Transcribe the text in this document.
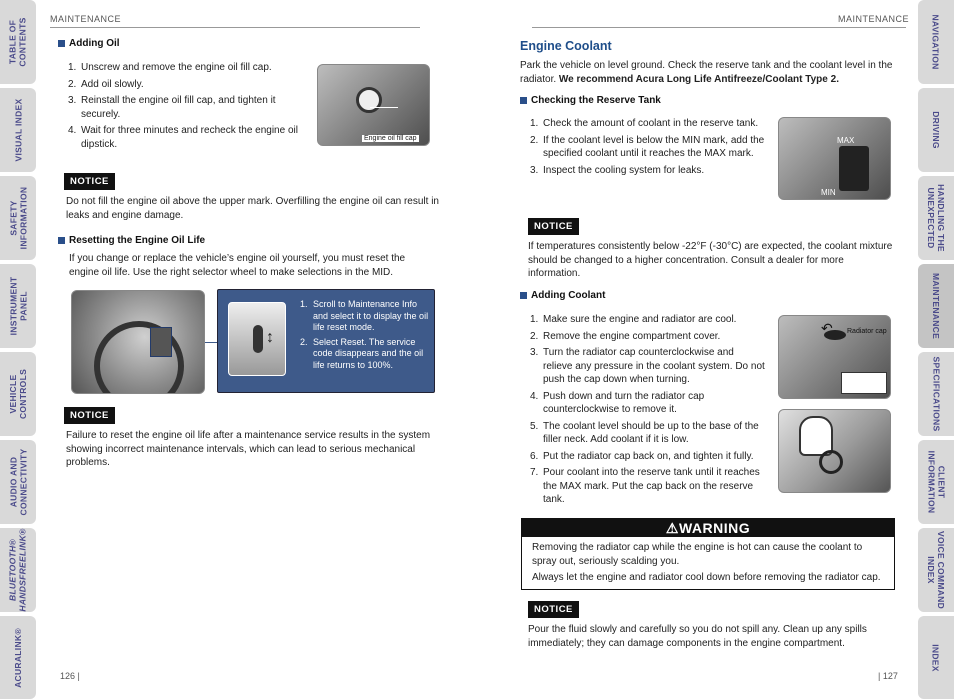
TABLE OF
CONTENTS
VISUAL INDEX
SAFETY
INFORMATION
INSTRUMENT
PANEL
VEHICLE
CONTROLS
AUDIO AND
CONNECTIVITY
BLUETOOTH®
HANDSFREELINK®
ACURALINK®
NAVIGATION
DRIVING
HANDLING THE
UNEXPECTED
MAINTENANCE
SPECIFICATIONS
CLIENT
INFORMATION
VOICE COMMAND
INDEX
INDEX
MAINTENANCE
Adding Oil
1. Unscrew and remove the engine oil fill cap.
2. Add oil slowly.
3. Reinstall the engine oil fill cap, and tighten it securely.
4. Wait for three minutes and recheck the engine oil dipstick.	Engine oil fill cap
NOTICE
Do not fill the engine oil above the upper mark. Overfilling the engine oil can result in leaks and engine damage.
Resetting the Engine Oil Life
If you change or replace the vehicle’s engine oil yourself, you must reset the engine oil life. Use the right selector wheel to make selections in the MID.
↕
1. Scroll to Maintenance Info and select it to display the oil life reset mode.
2. Select Reset. The service code disappears and the oil life returns to 100%.
NOTICE
Failure to reset the engine oil life after a maintenance service results in the system showing incorrect maintenance intervals, which can lead to serious mechanical problems.
126 |
MAINTENANCE
Engine Coolant
Park the vehicle on level ground. Check the reserve tank and the coolant level in the radiator. We recommend Acura Long Life Antifreeze/Coolant Type 2.
Checking the Reserve Tank
1. Check the amount of coolant in the reserve tank.
2. If the coolant level is below the MIN mark, add the specified coolant until it reaches the MAX mark.
3. Inspect the cooling system for leaks.
MAX
MIN
NOTICE
If temperatures consistently below -22°F (-30°C) are expected, the coolant mixture should be changed to a higher concentration. Consult a dealer for more information.
Adding Coolant
1. Make sure the engine and radiator are cool.
2. Remove the engine compartment cover.
3. Turn the radiator cap counterclockwise and relieve any pressure in the coolant system. Do not push the cap down when turning.
4. Push down and turn the radiator cap counterclockwise to remove it.
5. The coolant level should be up to the base of the filler neck. Add coolant if it is low.
6. Put the radiator cap back on, and tighten it fully.
7. Pour coolant into the reserve tank until it reaches the MAX mark. Put the cap back on the reserve tank.
↶ Radiator cap
⚠WARNING
Removing the radiator cap while the engine is hot can cause the coolant to spray out, seriously scalding you.
Always let the engine and radiator cool down before removing the radiator cap.
NOTICE
Pour the fluid slowly and carefully so you do not spill any. Clean up any spills immediately; they can damage components in the engine compartment.
| 127
